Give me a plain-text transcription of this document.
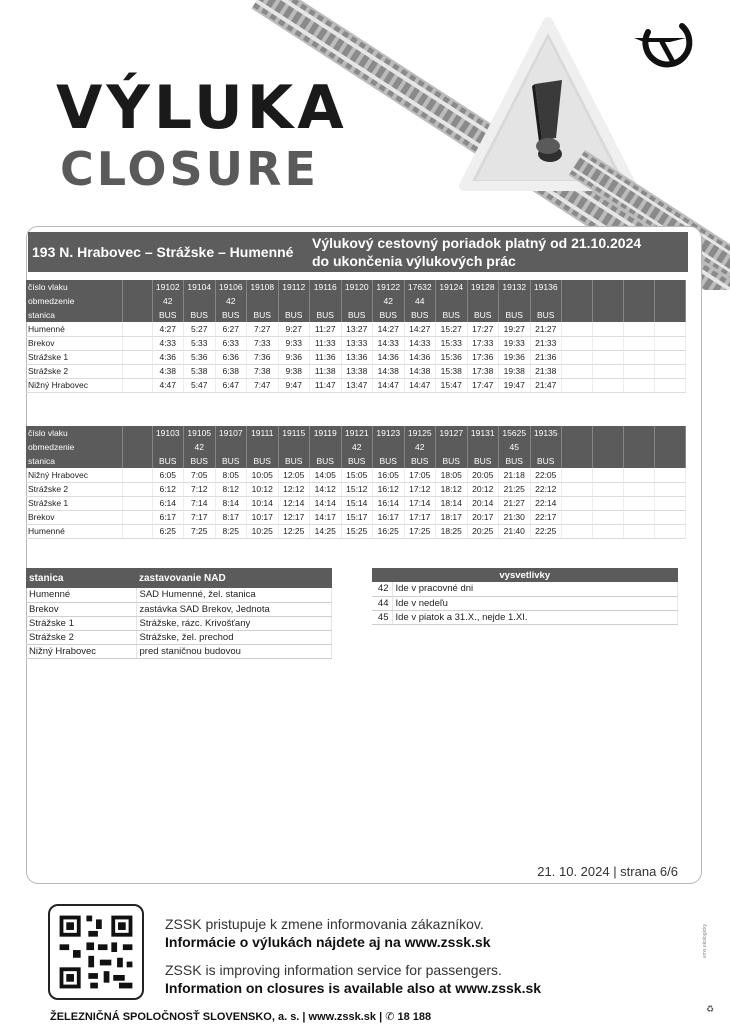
VÝLUKA
CLOSURE
193 N. Hrabovec – Strážske – Humenné
Výlukový cestovný poriadok platný od 21.10.2024
do ukončenia výlukových prác
číslo vlaku		19102	19104	19106	19108	19112	19116	19120	19122	17632	19124	19128	19132	19136				
obmedzenie		42		42					42	44								
stanica		BUS	BUS	BUS	BUS	BUS	BUS	BUS	BUS	BUS	BUS	BUS	BUS	BUS				
Humenné		4:27	5:27	6:27	7:27	9:27	11:27	13:27	14:27	14:27	15:27	17:27	19:27	21:27				
Brekov		4:33	5:33	6:33	7:33	9:33	11:33	13:33	14:33	14:33	15:33	17:33	19:33	21:33				
Strážske 1		4:36	5:36	6:36	7:36	9:36	11:36	13:36	14:36	14:36	15:36	17:36	19:36	21:36				
Strážske 2		4:38	5:38	6:38	7:38	9:38	11:38	13:38	14:38	14:38	15:38	17:38	19:38	21:38				
Nižný Hrabovec		4:47	5:47	6:47	7:47	9:47	11:47	13:47	14:47	14:47	15:47	17:47	19:47	21:47				
číslo vlaku		19103	19105	19107	19111	19115	19119	19121	19123	19125	19127	19131	15625	19135				
obmedzenie			42					42		42			45					
stanica		BUS	BUS	BUS	BUS	BUS	BUS	BUS	BUS	BUS	BUS	BUS	BUS	BUS				
Nižný Hrabovec		6:05	7:05	8:05	10:05	12:05	14:05	15:05	16:05	17:05	18:05	20:05	21:18	22:05				
Strážske 2		6:12	7:12	8:12	10:12	12:12	14:12	15:12	16:12	17:12	18:12	20:12	21:25	22:12				
Strážske 1		6:14	7:14	8:14	10:14	12:14	14:14	15:14	16:14	17:14	18:14	20:14	21:27	22:14				
Brekov		6:17	7:17	8:17	10:17	12:17	14:17	15:17	16:17	17:17	18:17	20:17	21:30	22:17				
Humenné		6:25	7:25	8:25	10:25	12:25	14:25	15:25	16:25	17:25	18:25	20:25	21:40	22:25				
stanica	zastavovanie NAD
Humenné	SAD Humenné, žel. stanica
Brekov	zastávka SAD Brekov, Jednota
Strážske 1	Strážske, rázc. Krivošťany
Strážske 2	Strážske, žel. prechod
Nižný Hrabovec	pred staničnou budovou
vysvetlivky	
42	Ide v pracovné dni
44	Ide v nedeľu
45	Ide v piatok a 31.X., nejde 1.XI.
21. 10. 2024 | strana 6/6
ZSSK pristupuje k zmene informovania zákazníkov.
Informácie o výlukách nájdete aj na www.zssk.sk
ZSSK is improving information service for passengers.
Information on closures is available also at www.zssk.sk
ŽELEZNIČNÁ SPOLOČNOSŤ SLOVENSKO, a. s. | www.zssk.sk | ✆ 18 188
ems ekologicky
♻
